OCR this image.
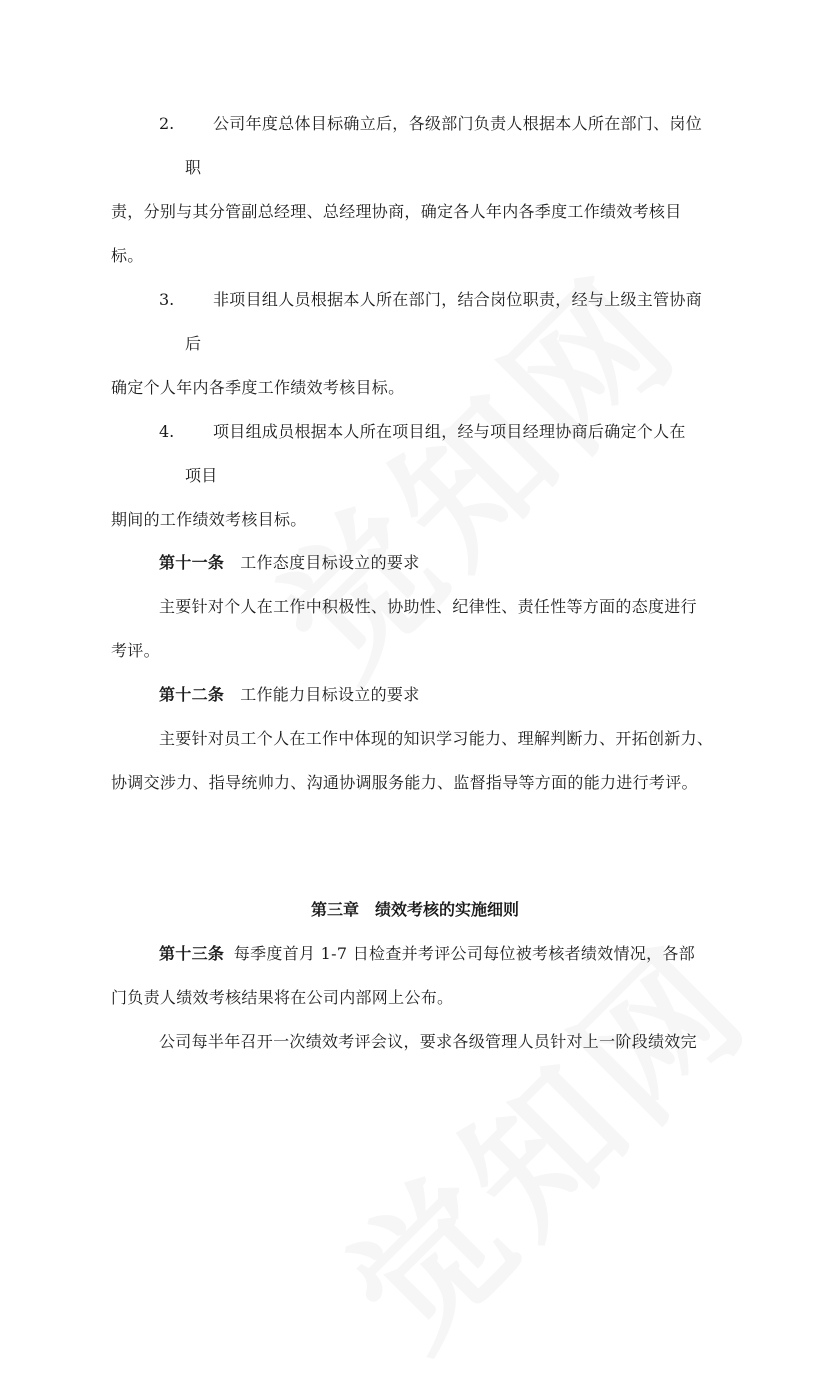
2. 公司年度总体目标确立后，各级部门负责人根据本人所在部门、岗位
职
责，分别与其分管副总经理、总经理协商，确定各人年内各季度工作绩效考核目
标。
3. 非项目组人员根据本人所在部门，结合岗位职责，经与上级主管协商
后
确定个人年内各季度工作绩效考核目标。
4. 项目组成员根据本人所在项目组，经与项目经理协商后确定个人在
项目
期间的工作绩效考核目标。
第十一条 工作态度目标设立的要求
主要针对个人在工作中积极性、协助性、纪律性、责任性等方面的态度进行
考评。
第十二条 工作能力目标设立的要求
主要针对员工个人在工作中体现的知识学习能力、理解判断力、开拓创新力、
协调交涉力、指导统帅力、沟通协调服务能力、监督指导等方面的能力进行考评。
第三章 绩效考核的实施细则
第十三条 每季度首月 1-7 日检查并考评公司每位被考核者绩效情况，各部
门负责人绩效考核结果将在公司内部网上公布。
公司每半年召开一次绩效考评会议，要求各级管理人员针对上一阶段绩效完
